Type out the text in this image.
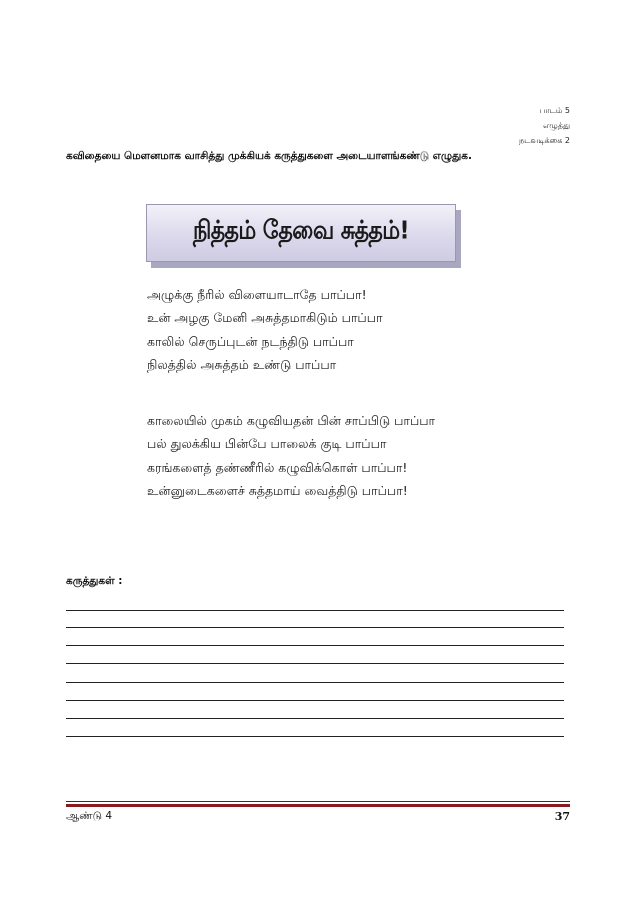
பாடம் 5
எழுத்து
நடவடிக்கை 2
கவிதையை மௌனமாக வாசித்து முக்கியக் கருத்துகளை அடையாளங்கண்டு எழுதுக.
நித்தம் தேவை சுத்தம்!
அழுக்கு நீரில் விளையாடாதே பாப்பா!
உன் அழகு மேனி அசுத்தமாகிடும் பாப்பா
காலில் செருப்புடன் நடந்திடு பாப்பா
நிலத்தில் அசுத்தம் உண்டு பாப்பா
காலையில் முகம் கழுவியதன் பின் சாப்பிடு பாப்பா
பல் துலக்கிய பின்பே பாலைக் குடி பாப்பா
கரங்களைத் தண்ணீரில் கழுவிக்கொள் பாப்பா!
உன்னுடைகளைச் சுத்தமாய் வைத்திடு பாப்பா!
கருத்துகள் :
ஆண்டு 4	37
